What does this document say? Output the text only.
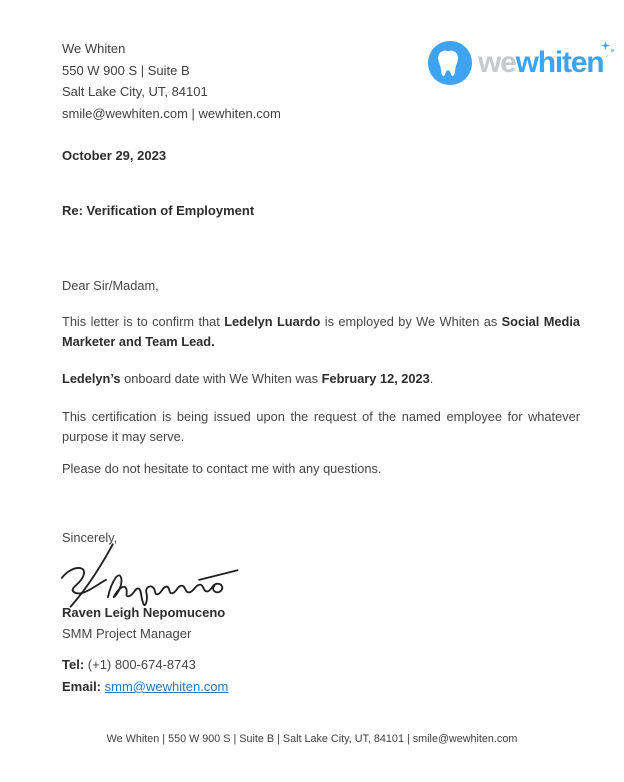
We Whiten
550 W 900 S | Suite B
Salt Lake City, UT, 84101
smile@wewhiten.com | wewhiten.com
wewhiten
October 29, 2023
Re: Verification of Employment
Dear Sir/Madam,

This letter is to confirm that Ledelyn Luardo is employed by We Whiten as Social Media Marketer and Team Lead.

Ledelyn’s onboard date with We Whiten was February 12, 2023.

This certification is being issued upon the request of the named employee for whatever purpose it may serve.

Please do not hesitate to contact me with any questions.

Sincerely,
Raven Leigh Nepomuceno
SMM Project Manager
Tel: (+1) 800-674-8743
Email: smm@wewhiten.com
We Whiten | 550 W 900 S | Suite B | Salt Lake City, UT, 84101 | smile@wewhiten.com
